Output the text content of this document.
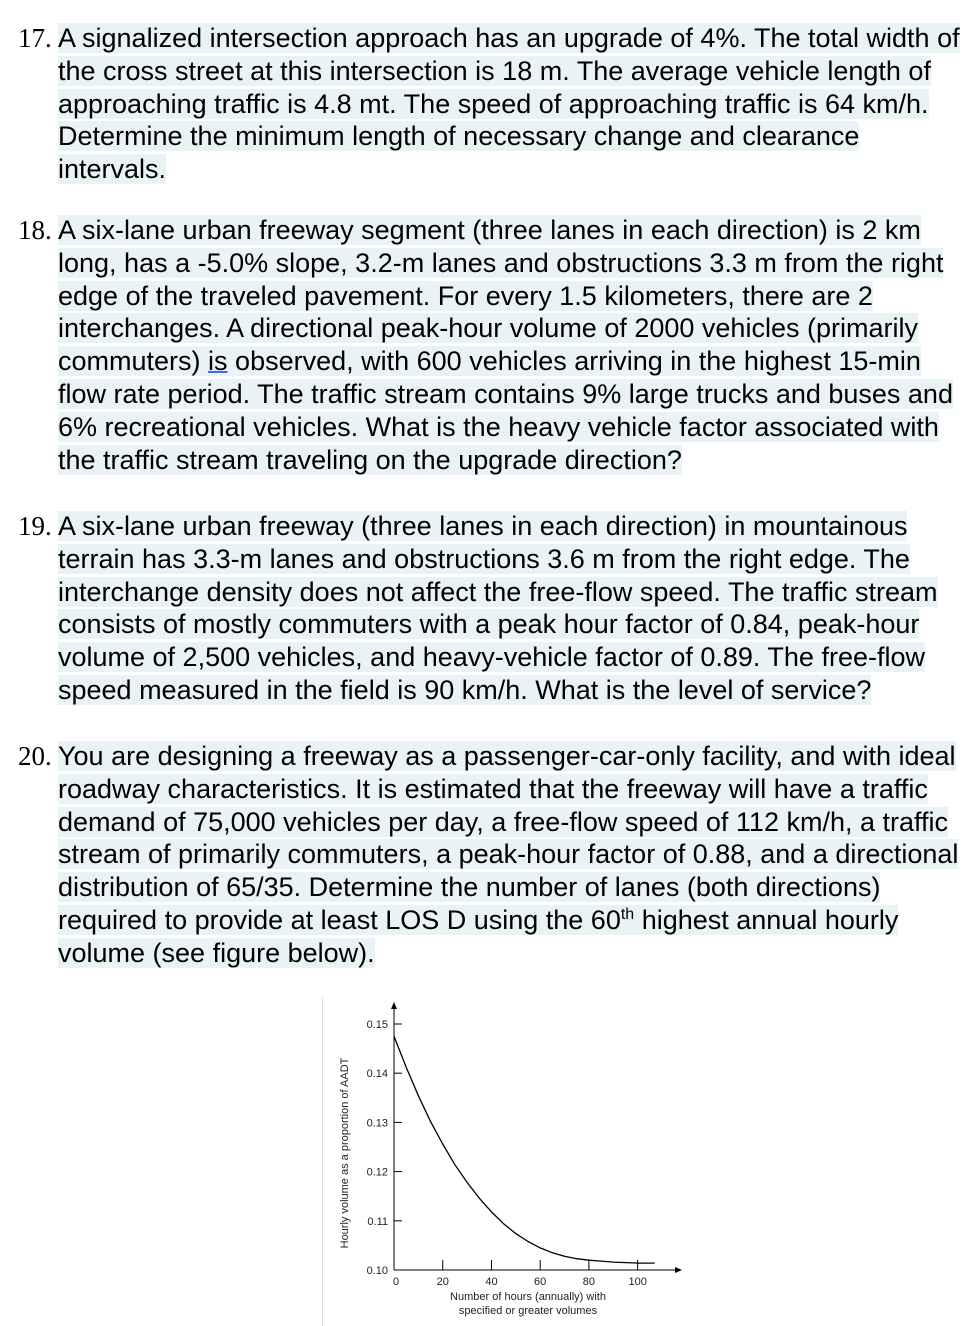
17. A signalized intersection approach has an upgrade of 4%. The total width of the cross street at this intersection is 18 m. The average vehicle length of approaching traffic is 4.8 mt. The speed of approaching traffic is 64 km/h. Determine the minimum length of necessary change and clearance intervals.
18. A six-lane urban freeway segment (three lanes in each direction) is 2 km long, has a -5.0% slope, 3.2-m lanes and obstructions 3.3 m from the right edge of the traveled pavement. For every 1.5 kilometers, there are 2 interchanges. A directional peak-hour volume of 2000 vehicles (primarily commuters) is observed, with 600 vehicles arriving in the highest 15-min flow rate period. The traffic stream contains 9% large trucks and buses and 6% recreational vehicles. What is the heavy vehicle factor associated with the traffic stream traveling on the upgrade direction?
19. A six-lane urban freeway (three lanes in each direction) in mountainous terrain has 3.3-m lanes and obstructions 3.6 m from the right edge. The interchange density does not affect the free-flow speed. The traffic stream consists of mostly commuters with a peak hour factor of 0.84, peak-hour volume of 2,500 vehicles, and heavy-vehicle factor of 0.89. The free-flow speed measured in the field is 90 km/h. What is the level of service?
20. You are designing a freeway as a passenger-car-only facility, and with ideal roadway characteristics. It is estimated that the freeway will have a traffic demand of 75,000 vehicles per day, a free-flow speed of 112 km/h, a traffic stream of primarily commuters, a peak-hour factor of 0.88, and a directional distribution of 65/35. Determine the number of lanes (both directions) required to provide at least LOS D using the 60th highest annual hourly volume (see figure below).
0	20	40	60	80	100
0.10
0.11
0.12
0.13
0.14
0.15
Hourly volume as a proportion of AADT
Number of hours (annually) with
specified or greater volumes
